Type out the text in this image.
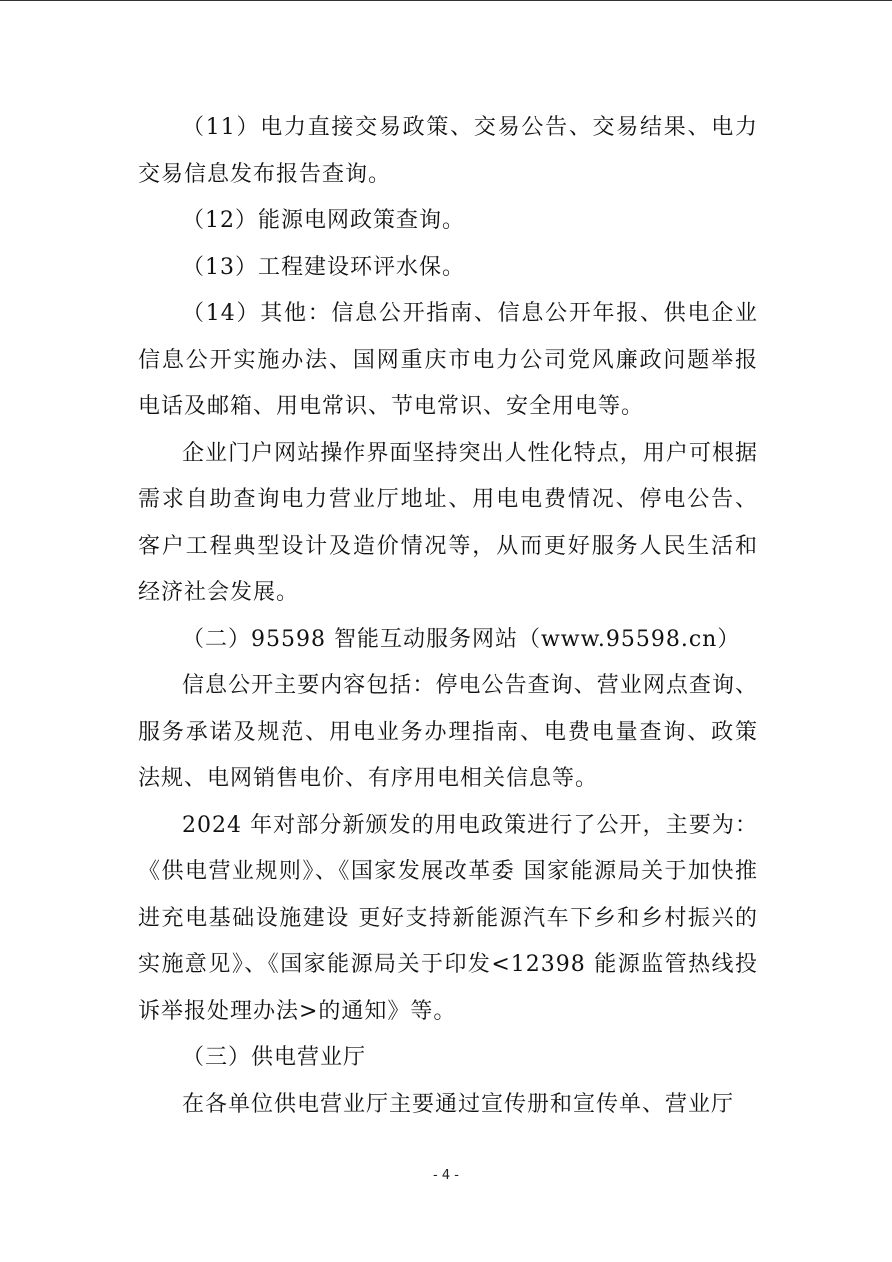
（11）电力直接交易政策、交易公告、交易结果、电力交易信息发布报告查询。

（12）能源电网政策查询。

（13）工程建设环评水保。

（14）其他：信息公开指南、信息公开年报、供电企业信息公开实施办法、国网重庆市电力公司党风廉政问题举报电话及邮箱、用电常识、节电常识、安全用电等。

企业门户网站操作界面坚持突出人性化特点，用户可根据需求自助查询电力营业厅地址、用电电费情况、停电公告、客户工程典型设计及造价情况等，从而更好服务人民生活和经济社会发展。

（二）95598 智能互动服务网站（www.95598.cn）

信息公开主要内容包括：停电公告查询、营业网点查询、服务承诺及规范、用电业务办理指南、电费电量查询、政策法规、电网销售电价、有序用电相关信息等。

2024 年对部分新颁发的用电政策进行了公开，主要为：《供电营业规则》、《国家发展改革委 国家能源局关于加快推进充电基础设施建设 更好支持新能源汽车下乡和乡村振兴的实施意见》、《国家能源局关于印发<12398 能源监管热线投诉举报处理办法>的通知》等。

（三）供电营业厅

在各单位供电营业厅主要通过宣传册和宣传单、营业厅

- 4 -
